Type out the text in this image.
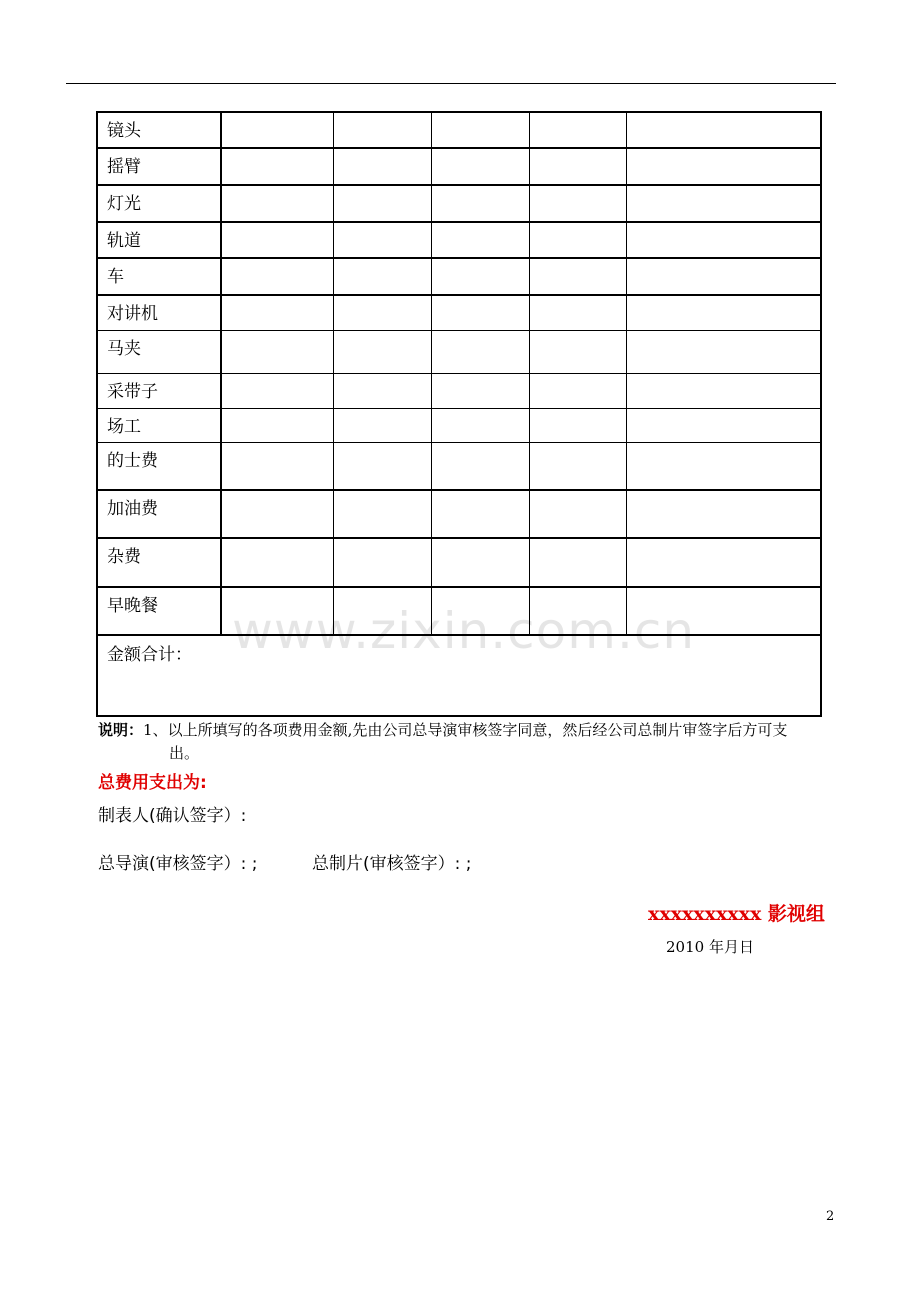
镜头					
摇臂					
灯光					
轨道					
车					
对讲机					
马夹					
采带子					
场工					
的士费					
加油费					
杂费					
早晚餐					
金额合计：					www.zixin.com.cn
说明：1、以上所填写的各项费用金额,先由公司总导演审核签字同意，然后经公司总制片审签字后方可支
出。
总费用支出为:
制表人(确认签字）:
总导演(审核签字）: ;	总制片(审核签字）: ;
xxxxxxxxxx 影视组
2010 年月日
2
